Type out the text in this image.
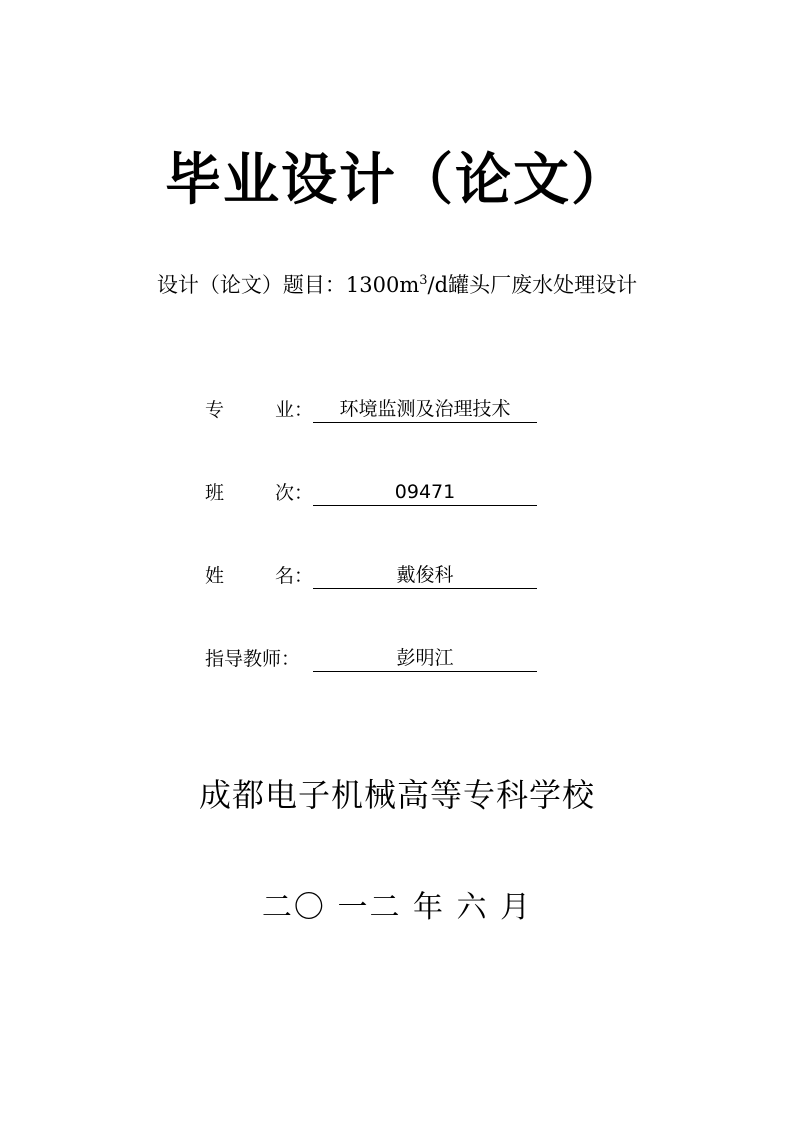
毕业设计（论文）
设计（论文）题目：$1300m^3/d$罐头厂废水处理设计
专	业：	环境监测及治理技术
班	次：	09471
姓	名：	戴俊科
指导教师：	彭明江
成都电子机械高等专科学校
二〇 一二 年 六 月
